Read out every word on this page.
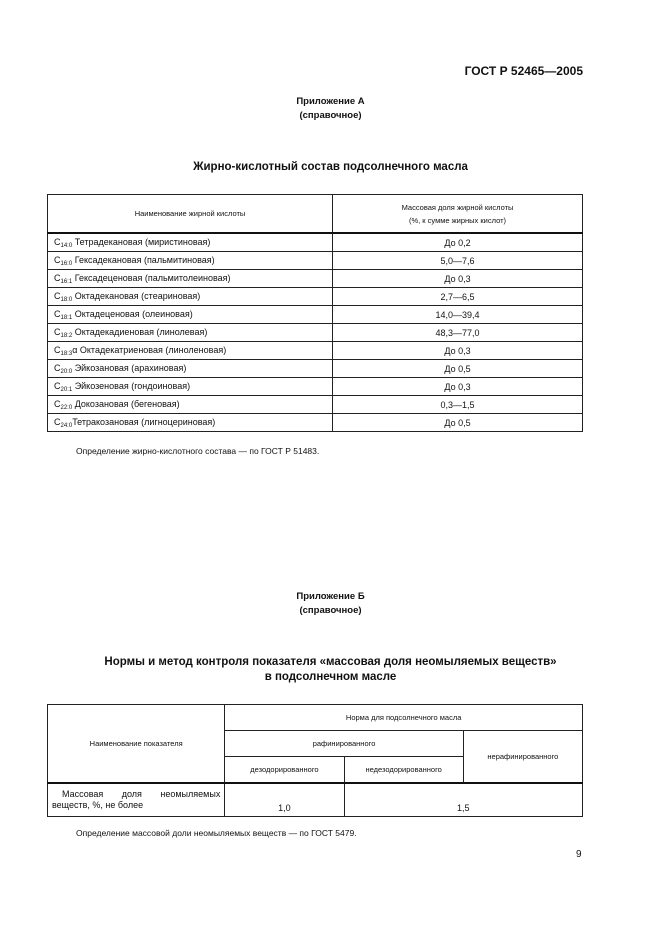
ГОСТ Р 52465—2005
Приложение А
(справочное)
Жирно-кислотный состав подсолнечного масла
Наименование жирной кислоты	Массовая доля жирной кислоты
(%, к сумме жирных кислот)

$C_{14:0}$ Тетрадекановая (миристиновая)	До 0,2
$C_{16:0}$ Гексадекановая (пальмитиновая)	5,0—7,6
$C_{16:1}$ Гексадеценовая (пальмитолеиновая)	До 0,3
$C_{18:0}$ Октадекановая (стеариновая)	2,7—6,5
$C_{18:1}$ Октадеценовая (олеиновая)	14,0—39,4
$C_{18:2}$ Октадекадиеновая (линолевая)	48,3—77,0
$C_{18:3}\alpha$ Октадекатриеновая (линоленовая)	До 0,3
$C_{20:0}$ Эйкозановая (арахиновая)	До 0,5
$C_{20:1}$ Эйкозеновая (гондоиновая)	До 0,3
$C_{22:0}$ Докозановая (бегеновая)	0,3—1,5
$C_{24:0}Тетракозановая$ (лигноцериновая)	До 0,5
Определение жирно-кислотного состава — по ГОСТ Р 51483.
Приложение Б
(справочное)
Нормы и метод контроля показателя «массовая доля неомыляемых веществ»
в подсолнечном масле
Наименование показателя	Норма для подсолнечного масла		
	рафинированного		нерафинированного
	дезодорированного	недезодорированного	
Массовая доля неомыляемых веществ, %, не более	1,0	1,5	
Определение массовой доли неомыляемых веществ — по ГОСТ 5479.
9
